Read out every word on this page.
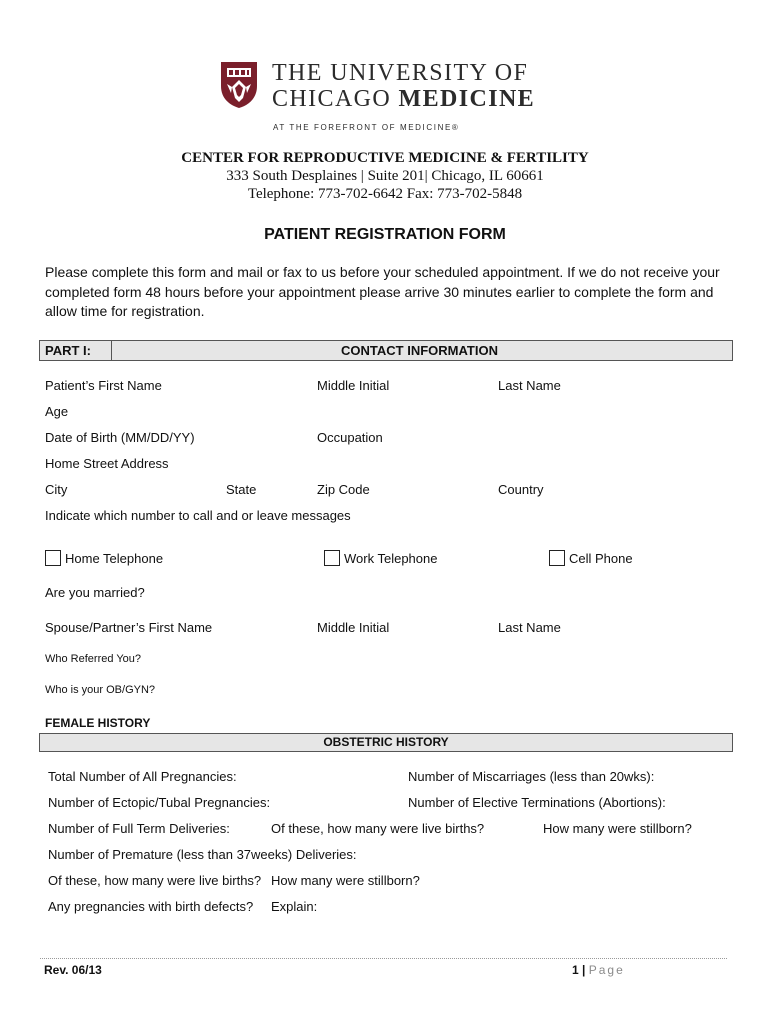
THE UNIVERSITY OF
CHICAGO MEDICINE
AT THE FOREFRONT OF MEDICINE®
CENTER FOR REPRODUCTIVE MEDICINE & FERTILITY
333 South Desplaines | Suite 201| Chicago, IL 60661
Telephone: 773-702-6642 Fax: 773-702-5848
PATIENT REGISTRATION FORM
Please complete this form and mail or fax to us before your scheduled appointment. If we do not receive your
completed form 48 hours before your appointment please arrive 30 minutes earlier to complete the form and
allow time for registration.
PART I:	CONTACT INFORMATION
Patient’s First Name	Middle Initial	Last Name
Age
Date of Birth (MM/DD/YY)	Occupation
Home Street Address
City	State	Zip Code	Country
Indicate which number to call and or leave messages
Home Telephone	Work Telephone	Cell Phone
Are you married?
Spouse/Partner’s First Name	Middle Initial	Last Name
Who Referred You?
Who is your OB/GYN?
FEMALE HISTORY
OBSTETRIC HISTORY
Total Number of All Pregnancies:	Number of Miscarriages (less than 20wks):
Number of Ectopic/Tubal Pregnancies:	Number of Elective Terminations (Abortions):
Number of Full Term Deliveries:	Of these, how many were live births?	How many were stillborn?
Number of Premature (less than 37weeks) Deliveries:
Of these, how many were live births? How many were stillborn?
Any pregnancies with birth defects? Explain:
Rev. 06/13	1 | Page
